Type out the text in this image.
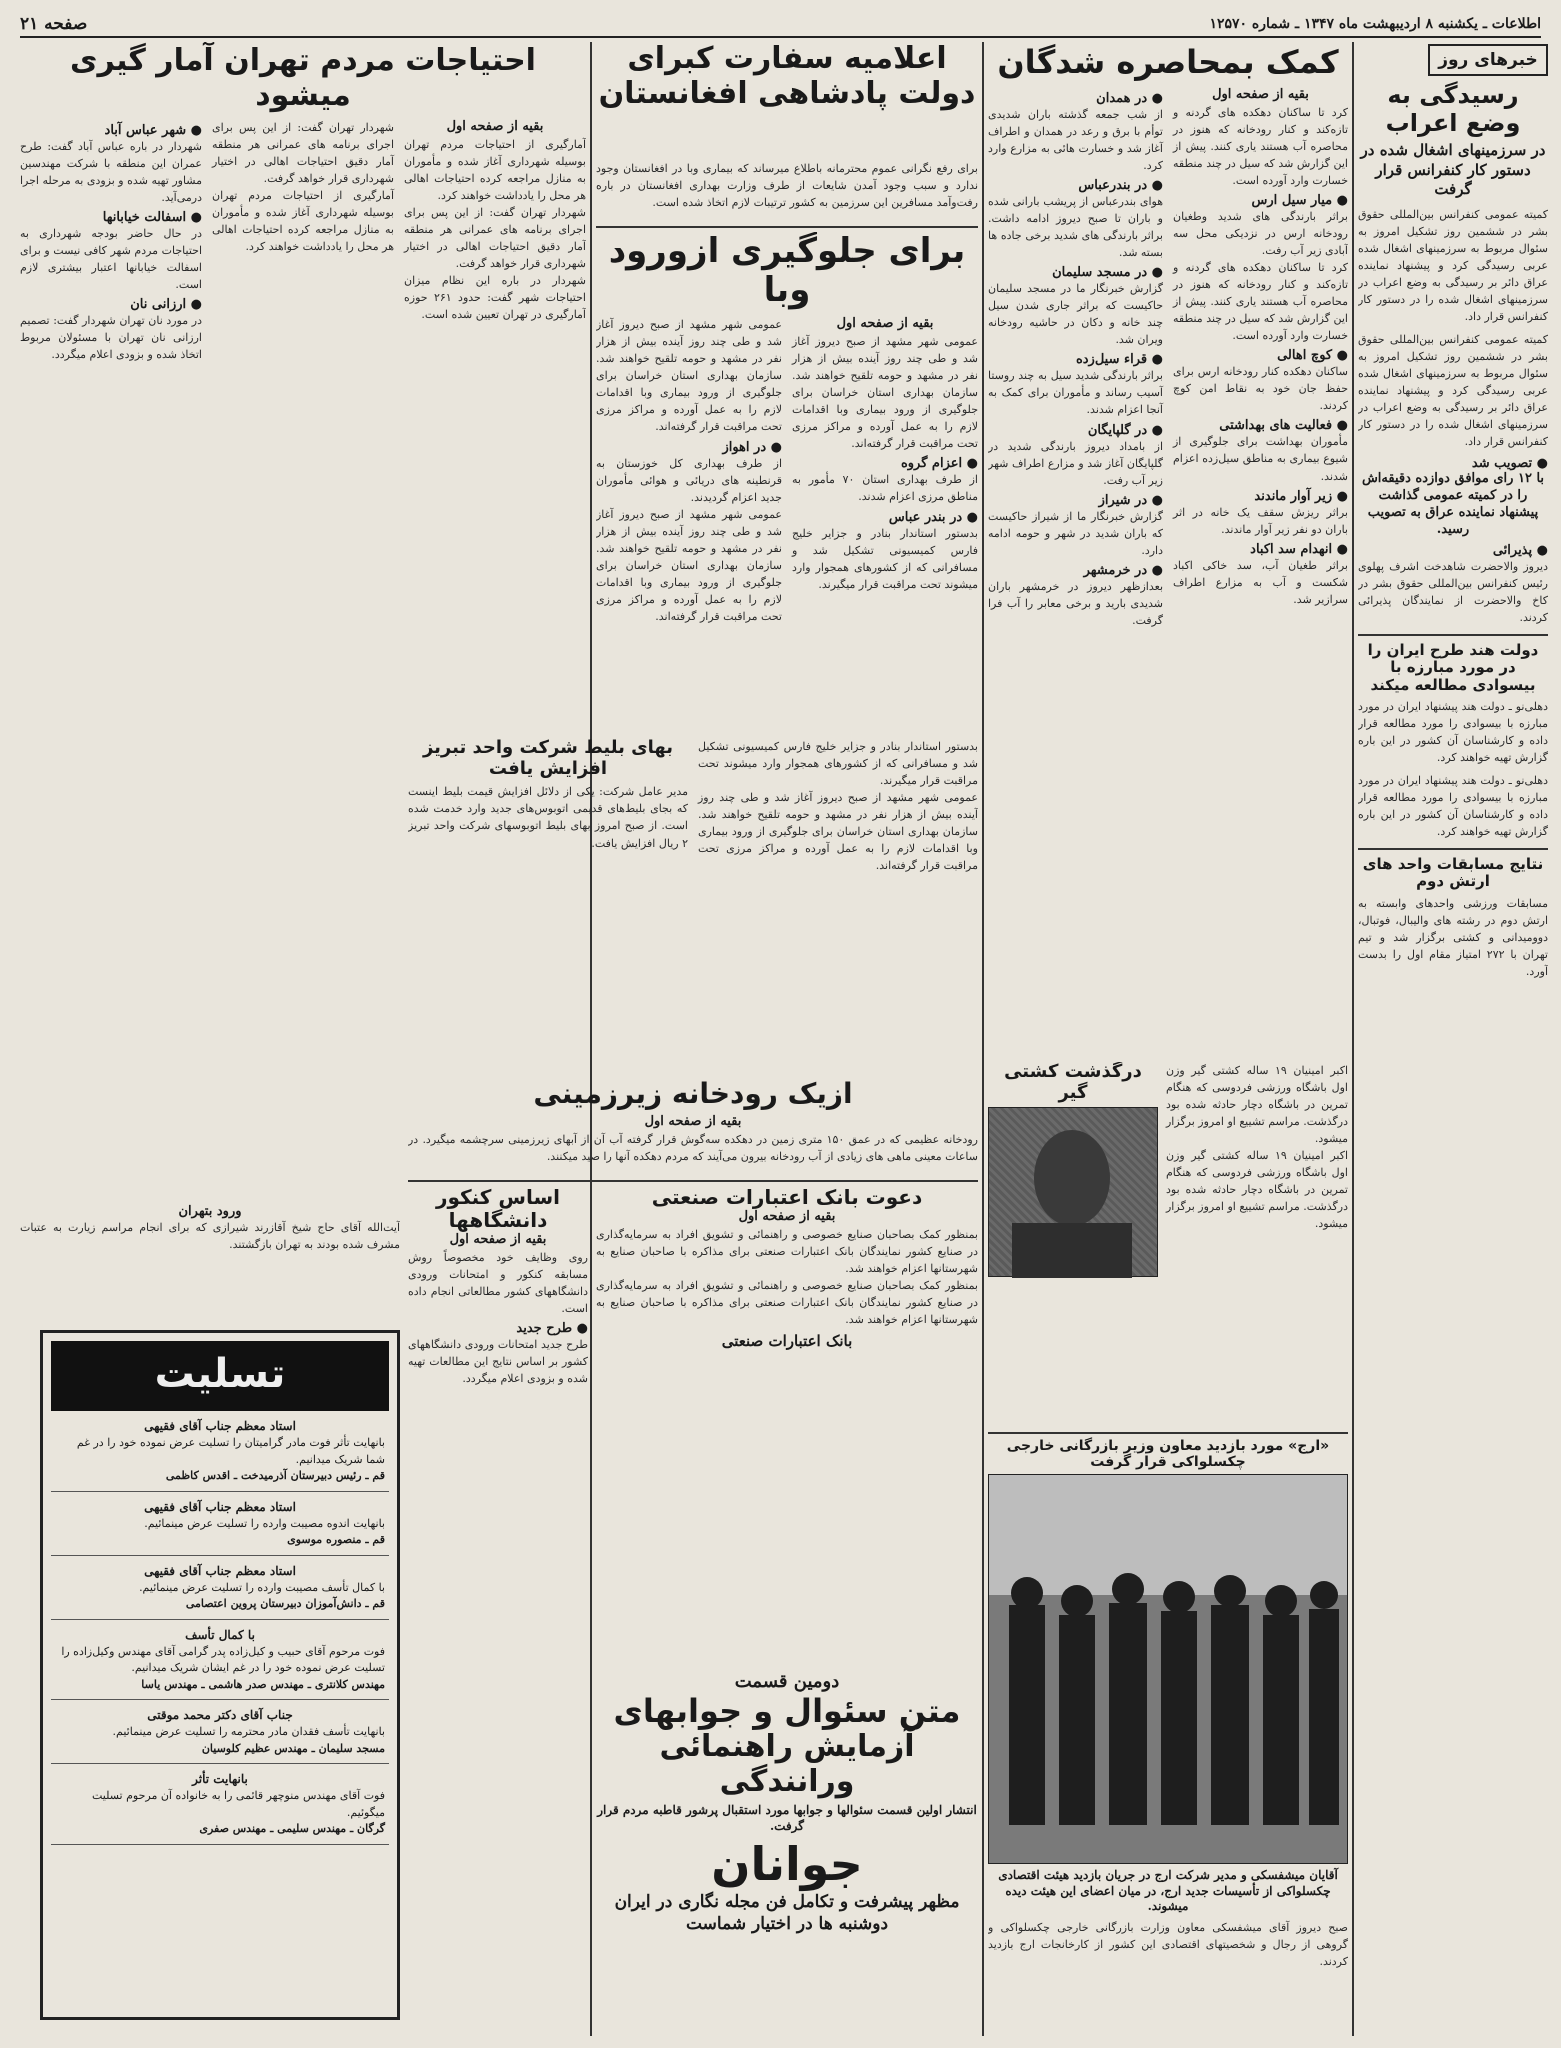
اطلاعات ـ یکشنبه ۸ اردیبهشت ماه ۱۳۴۷ ـ شماره ۱۲۵۷۰
صفحه ۲۱
خبرهای روز
رسیدگی به وضع اعراب
در سرزمینهای اشغال شده در دستور کار کنفرانس قرار گرفت

کمیته عمومی کنفرانس بین‌المللی حقوق بشر در ششمین روز تشکیل امروز به سئوال مربوط به سرزمینهای اشغال شده عربی رسیدگی کرد و پیشنهاد نماینده عراق دائر بر رسیدگی به وضع اعراب در سرزمینهای اشغال شده را در دستور کار کنفرانس قرار داد.

کمیته عمومی کنفرانس بین‌المللی حقوق بشر در ششمین روز تشکیل امروز به سئوال مربوط به سرزمینهای اشغال شده عربی رسیدگی کرد و پیشنهاد نماینده عراق دائر بر رسیدگی به وضع اعراب در سرزمینهای اشغال شده را در دستور کار کنفرانس قرار داد.

● تصویب شد
با ۱۲ رای موافق دوازده دقیقه‌اش را در کمیته عمومی گذاشت پیشنهاد نماینده عراق به تصویب رسید.
● پذیرائی

دیروز والاحضرت شاهدخت اشرف پهلوی رئیس کنفرانس بین‌المللی حقوق بشر در کاخ والاحضرت از نمایندگان پذیرائی کردند.

دولت هند طرح ایران را در مورد مبارزه با بیسوادی مطالعه میکند

دهلی‌نو ـ دولت هند پیشنهاد ایران در مورد مبارزه با بیسوادی را مورد مطالعه قرار داده و کارشناسان آن کشور در این باره گزارش تهیه خواهند کرد.

دهلی‌نو ـ دولت هند پیشنهاد ایران در مورد مبارزه با بیسوادی را مورد مطالعه قرار داده و کارشناسان آن کشور در این باره گزارش تهیه خواهند کرد.

نتایج مسابقات واحد های ارتش دوم

مسابقات ورزشی واحدهای وابسته به ارتش دوم در رشته های والیبال، فوتبال، دوومیدانی و کشتی برگزار شد و تیم تهران با ۲۷۲ امتیاز مقام اول را بدست آورد.

کمک بمحاصره شدگان
بقیه از صفحه اول

کرد تا ساکنان دهکده های گردنه و تازه‌کند و کنار رودخانه که هنوز در محاصره آب هستند یاری کنند. پیش از این گزارش شد که سیل در چند منطقه خسارت وارد آورده است.

● میار سیل ارس

براثر بارندگی های شدید وطغیان رودخانه ارس در نزدیکی محل سه آبادی زیر آب رفت.

کرد تا ساکنان دهکده های گردنه و تازه‌کند و کنار رودخانه که هنوز در محاصره آب هستند یاری کنند. پیش از این گزارش شد که سیل در چند منطقه خسارت وارد آورده است.

● کوچ اهالی

ساکنان دهکده کنار رودخانه ارس برای حفظ جان خود به نقاط امن کوچ کردند.

● فعالیت های بهداشتی

مأموران بهداشت برای جلوگیری از شیوع بیماری به مناطق سیل‌زده اعزام شدند.

● زیر آوار ماندند

براثر ریزش سقف یک خانه در اثر باران دو نفر زیر آوار ماندند.

● انهدام سد اکباد

براثر طغیان آب، سد خاکی اکباد شکست و آب به مزارع اطراف سرازیر شد.

● در همدان

از شب جمعه گذشته باران شدیدی توأم با برق و رعد در همدان و اطراف آغاز شد و خسارت هائی به مزارع وارد کرد.

● در بندرعباس

هوای بندرعباس از پریشب بارانی شده و باران تا صبح دیروز ادامه داشت. براثر بارندگی های شدید برخی جاده ها بسته شد.

● در مسجد سلیمان

گزارش خبرنگار ما در مسجد سلیمان حاکیست که براثر جاری شدن سیل چند خانه و دکان در حاشیه رودخانه ویران شد.

● قراء سیل‌زده

براثر بارندگی شدید سیل به چند روستا آسیب رساند و مأموران برای کمک به آنجا اعزام شدند.

● در گلپایگان

از بامداد دیروز بارندگی شدید در گلپایگان آغاز شد و مزارع اطراف شهر زیر آب رفت.

● در شیراز

گزارش خبرنگار ما از شیراز حاکیست که باران شدید در شهر و حومه ادامه دارد.

● در خرمشهر

بعدازظهر دیروز در خرمشهر باران شدیدی بارید و برخی معابر را آب فرا گرفت.

اکبر امینیان ۱۹ ساله کشتی گیر وزن اول باشگاه ورزشی فردوسی که هنگام تمرین در باشگاه دچار حادثه شده بود درگذشت. مراسم تشییع او امروز برگزار میشود.

اکبر امینیان ۱۹ ساله کشتی گیر وزن اول باشگاه ورزشی فردوسی که هنگام تمرین در باشگاه دچار حادثه شده بود درگذشت. مراسم تشییع او امروز برگزار میشود.

درگذشت کشتی گیر
«ارج» مورد بازدید معاون وزیر بازرگانی خارجی چکسلواکی قرار گرفت
آقایان میشفسکی و مدیر شرکت ارج در جریان بازدید هیئت اقتصادی چکسلواکی از تأسیسات جدید ارج، در میان اعضای این هیئت دیده میشوند.

صبح دیروز آقای میشفسکی معاون وزارت بازرگانی خارجی چکسلواکی و گروهی از رجال و شخصیتهای اقتصادی این کشور از کارخانجات ارج بازدید کردند.

اعلامیه سفارت کبرای دولت پادشاهی افغانستان

برای رفع نگرانی عموم محترمانه باطلاع میرساند که بیماری وبا در افغانستان وجود ندارد و سبب وجود آمدن شایعات از طرف وزارت بهداری افغانستان در باره رفت‌وآمد مسافرین این سرزمین به کشور ترتیبات لازم اتخاذ شده است.

برای جلوگیری ازورود وبا
بقیه از صفحه اول

عمومی شهر مشهد از صبح دیروز آغاز شد و طی چند روز آینده بیش از هزار نفر در مشهد و حومه تلقیح خواهند شد. سازمان بهداری استان خراسان برای جلوگیری از ورود بیماری وبا اقدامات لازم را به عمل آورده و مراکز مرزی تحت مراقبت قرار گرفته‌اند.

● اعزام گروه

از طرف بهداری استان ۷۰ مأمور به مناطق مرزی اعزام شدند.

● در بندر عباس

بدستور استاندار بنادر و جزایر خلیج فارس کمیسیونی تشکیل شد و مسافرانی که از کشورهای همجوار وارد میشوند تحت مراقبت قرار میگیرند.

عمومی شهر مشهد از صبح دیروز آغاز شد و طی چند روز آینده بیش از هزار نفر در مشهد و حومه تلقیح خواهند شد. سازمان بهداری استان خراسان برای جلوگیری از ورود بیماری وبا اقدامات لازم را به عمل آورده و مراکز مرزی تحت مراقبت قرار گرفته‌اند.

● در اهواز

از طرف بهداری کل خوزستان به قرنطینه های دریائی و هوائی مأموران جدید اعزام گردیدند.

عمومی شهر مشهد از صبح دیروز آغاز شد و طی چند روز آینده بیش از هزار نفر در مشهد و حومه تلقیح خواهند شد. سازمان بهداری استان خراسان برای جلوگیری از ورود بیماری وبا اقدامات لازم را به عمل آورده و مراکز مرزی تحت مراقبت قرار گرفته‌اند.

بدستور استاندار بنادر و جزایر خلیج فارس کمیسیونی تشکیل شد و مسافرانی که از کشورهای همجوار وارد میشوند تحت مراقبت قرار میگیرند.

عمومی شهر مشهد از صبح دیروز آغاز شد و طی چند روز آینده بیش از هزار نفر در مشهد و حومه تلقیح خواهند شد. سازمان بهداری استان خراسان برای جلوگیری از ورود بیماری وبا اقدامات لازم را به عمل آورده و مراکز مرزی تحت مراقبت قرار گرفته‌اند.

بهای بلیط شرکت واحد تبریز افزایش یافت

مدیر عامل شرکت: یکی از دلائل افزایش قیمت بلیط اینست که بجای بلیط‌های قدیمی اتوبوس‌های جدید وارد خدمت شده است. از صبح امروز بهای بلیط اتوبوسهای شرکت واحد تبریز ۲ ریال افزایش یافت.

ازیک رودخانه زیرزمینی
بقیه از صفحه اول

رودخانه عظیمی که در عمق ۱۵۰ متری زمین در دهکده سه‌گوش قرار گرفته آب آن از آبهای زیرزمینی سرچشمه میگیرد. در ساعات معینی ماهی های زیادی از آب رودخانه بیرون می‌آیند که مردم دهکده آنها را صید میکنند.

دعوت بانک اعتبارات صنعتی
بقیه از صفحه اول

بمنظور کمک بصاحبان صنایع خصوصی و راهنمائی و تشویق افراد به سرمایه‌گذاری در صنایع کشور نمایندگان بانک اعتبارات صنعتی برای مذاکره با صاحبان صنایع به شهرستانها اعزام خواهند شد.

بمنظور کمک بصاحبان صنایع خصوصی و راهنمائی و تشویق افراد به سرمایه‌گذاری در صنایع کشور نمایندگان بانک اعتبارات صنعتی برای مذاکره با صاحبان صنایع به شهرستانها اعزام خواهند شد.

بانک اعتبارات صنعتی
اساس کنکور دانشگاهها
بقیه از صفحه اول

روی وظایف خود مخصوصاً روش مسابقه کنکور و امتحانات ورودی دانشگاههای کشور مطالعاتی انجام داده است.

● طرح جدید

طرح جدید امتحانات ورودی دانشگاههای کشور بر اساس نتایج این مطالعات تهیه شده و بزودی اعلام میگردد.

دومین قسمت
متن سئوال و جوابهای
آزمایش راهنمائی ورانندگی
انتشار اولین قسمت سئوالها و جوابها مورد استقبال پرشور قاطبه مردم قرار گرفت.
جوانان
مظهر پیشرفت و تکامل فن مجله نگاری در ایران دوشنبه ها در اختیار شماست
احتیاجات مردم تهران آمار گیری میشود
بقیه از صفحه اول

آمارگیری از احتیاجات مردم تهران بوسیله شهرداری آغاز شده و مأموران به منازل مراجعه کرده احتیاجات اهالی هر محل را یادداشت خواهند کرد.

شهردار تهران گفت: از این پس برای اجرای برنامه های عمرانی هر منطقه آمار دقیق احتیاجات اهالی در اختیار شهرداری قرار خواهد گرفت.

شهردار در باره این نظام میزان احتیاجات شهر گفت: حدود ۲۶۱ حوزه آمارگیری در تهران تعیین شده است.

شهردار تهران گفت: از این پس برای اجرای برنامه های عمرانی هر منطقه آمار دقیق احتیاجات اهالی در اختیار شهرداری قرار خواهد گرفت.

آمارگیری از احتیاجات مردم تهران بوسیله شهرداری آغاز شده و مأموران به منازل مراجعه کرده احتیاجات اهالی هر محل را یادداشت خواهند کرد.

● شهر عباس آباد

شهردار در باره عباس آباد گفت: طرح عمران این منطقه با شرکت مهندسین مشاور تهیه شده و بزودی به مرحله اجرا درمی‌آید.

● اسفالت خیابانها

در حال حاضر بودجه شهرداری به احتیاجات مردم شهر کافی نیست و برای اسفالت خیابانها اعتبار بیشتری لازم است.

● ارزانی نان

در مورد نان تهران شهردار گفت: تصمیم ارزانی نان تهران با مسئولان مربوط اتخاذ شده و بزودی اعلام میگردد.

ورود بتهران

آیت‌الله آقای حاج شیخ آقازرند شیرازی که برای انجام مراسم زیارت به عتبات مشرف شده بودند به تهران بازگشتند.

تسلیت
استاد معظم جناب آقای فقیهی
بانهایت تأثر فوت مادر گرامیتان را تسلیت عرض نموده خود را در غم شما شریک میدانیم.
قم ـ رئیس دبیرستان آذرمیدخت ـ اقدس کاظمی
استاد معظم جناب آقای فقیهی
بانهایت اندوه مصیبت وارده را تسلیت عرض مینمائیم.
قم ـ منصوره موسوی
استاد معظم جناب آقای فقیهی
با کمال تأسف مصیبت وارده را تسلیت عرض مینمائیم.
قم ـ دانش‌آموزان دبیرستان پروین اعتصامی
با کمال تأسف
فوت مرحوم آقای حبیب و کیل‌زاده پدر گرامی آقای مهندس وکیل‌زاده را تسلیت عرض نموده خود را در غم ایشان شریک میدانیم.
مهندس کلانتری ـ مهندس صدر هاشمی ـ مهندس یاسا
جناب آقای دکتر محمد موقتی
بانهایت تأسف فقدان مادر محترمه را تسلیت عرض مینمائیم.
مسجد سلیمان ـ مهندس عظیم کلوسیان
بانهایت تأثر
فوت آقای مهندس منوچهر قائمی را به خانواده آن مرحوم تسلیت میگوئیم.
گرگان ـ مهندس سلیمی ـ مهندس صفری
